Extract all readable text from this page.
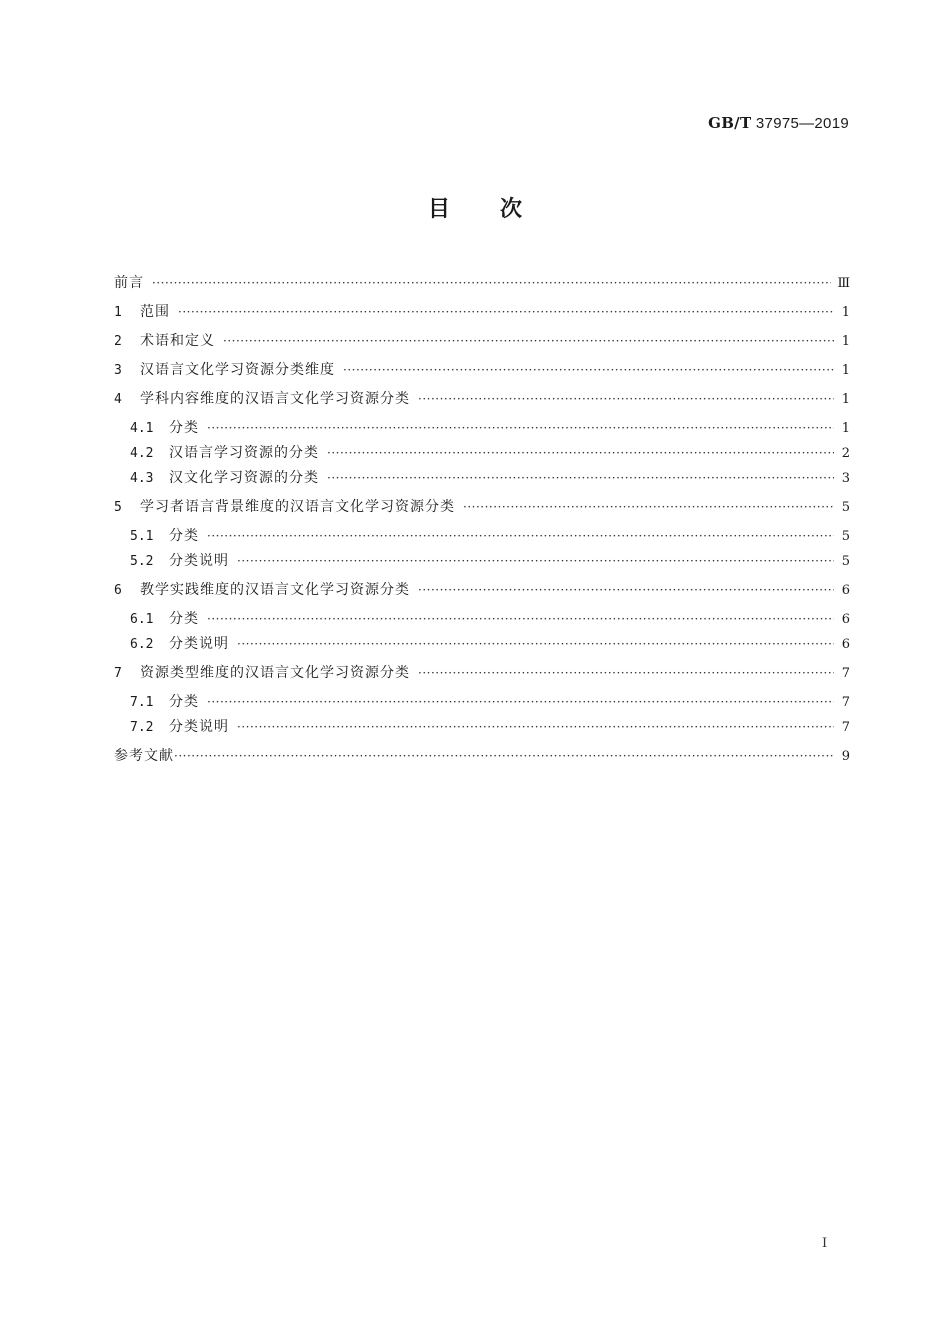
GB/T 37975—2019
目次
前言 ·····	Ⅲ
1	范围 ·····	1
2	术语和定义 ·····	1
3	汉语言文化学习资源分类维度 ·····	1
4	学科内容维度的汉语言文化学习资源分类 ·····	1
4.1	分类 ·····	1
4.2	汉语言学习资源的分类 ·····	2
4.3	汉文化学习资源的分类 ·····	3
5	学习者语言背景维度的汉语言文化学习资源分类 ·····	5
5.1	分类 ·····	5
5.2	分类说明 ·····	5
6	教学实践维度的汉语言文化学习资源分类 ·····	6
6.1	分类 ·····	6
6.2	分类说明 ·····	6
7	资源类型维度的汉语言文化学习资源分类 ·····	7
7.1	分类 ·····	7
7.2	分类说明 ·····	7
参考文献 ·····	9
I
